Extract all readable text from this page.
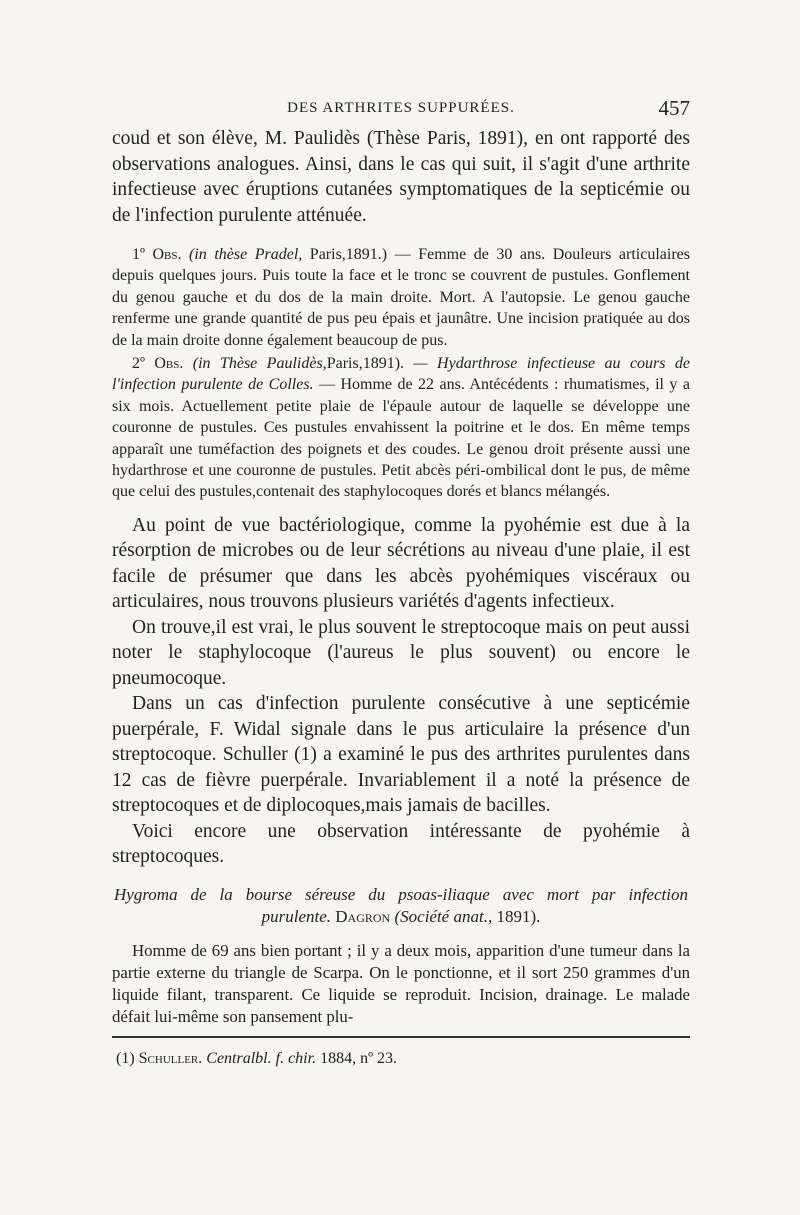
DES ARTHRITES SUPPURÉES.	457

coud et son élève, M. Paulidès (Thèse Paris, 1891), en ont rapporté des observations analogues. Ainsi, dans le cas qui suit, il s'agit d'une arthrite infectieuse avec éruptions cutanées symptomatiques de la septicémie ou de l'infection purulente atténuée.

1º Obs. (in thèse Pradel, Paris,1891.) — Femme de 30 ans. Douleurs articulaires depuis quelques jours. Puis toute la face et le tronc se couvrent de pustules. Gonflement du genou gauche et du dos de la main droite. Mort. A l'autopsie. Le genou gauche renferme une grande quantité de pus peu épais et jaunâtre. Une incision pratiquée au dos de la main droite donne également beaucoup de pus.

2º Obs. (in Thèse Paulidès,Paris,1891). — Hydarthrose infectieuse au cours de l'infection purulente de Colles. — Homme de 22 ans. Antécédents : rhumatismes, il y a six mois. Actuellement petite plaie de l'épaule autour de laquelle se développe une couronne de pustules. Ces pustules envahissent la poitrine et le dos. En même temps apparaît une tuméfaction des poignets et des coudes. Le genou droit présente aussi une hydarthrose et une couronne de pustules. Petit abcès péri-ombilical dont le pus, de même que celui des pustules,contenait des staphylocoques dorés et blancs mélangés.

Au point de vue bactériologique, comme la pyohémie est due à la résorption de microbes ou de leur sécrétions au niveau d'une plaie, il est facile de présumer que dans les abcès pyohémiques viscéraux ou articulaires, nous trouvons plusieurs variétés d'agents infectieux.

On trouve,il est vrai, le plus souvent le streptocoque mais on peut aussi noter le staphylocoque (l'aureus le plus souvent) ou encore le pneumocoque.

Dans un cas d'infection purulente consécutive à une septicémie puerpérale, F. Widal signale dans le pus articulaire la présence d'un streptocoque. Schuller (1) a examiné le pus des arthrites purulentes dans 12 cas de fièvre puerpérale. Invariablement il a noté la présence de streptocoques et de diplocoques,mais jamais de bacilles.

Voici encore une observation intéressante de pyohémie à streptocoques.

Hygroma de la bourse séreuse du psoas-iliaque avec mort par infection
purulente. Dagron (Société anat., 1891).

Homme de 69 ans bien portant ; il y a deux mois, apparition d'une tumeur dans la partie externe du triangle de Scarpa. On le ponctionne, et il sort 250 grammes d'un liquide filant, transparent. Ce liquide se reproduit. Incision, drainage. Le malade défait lui-même son pansement plu-

(1) Schuller. Centralbl. f. chir. 1884, nº 23.
